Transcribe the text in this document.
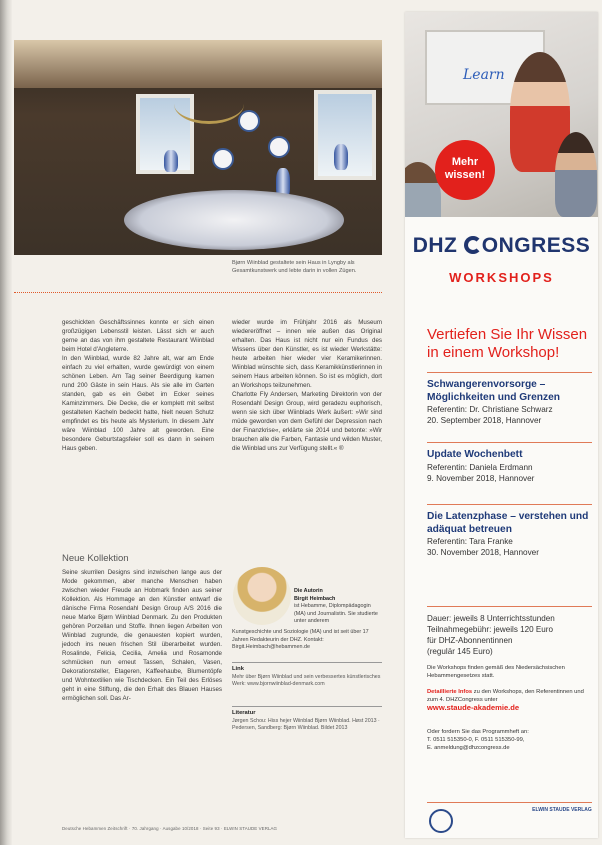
Bjørn Wiinblad gestaltete sein Haus in Lyngby als Gesamtkunstwerk und lebte darin in vollen Zügen.
geschickten Geschäftssinnes konnte er sich einen großzügigen Lebensstil leisten. Lässt sich er auch gerne an das von ihm gestaltete Restaurant Wiinblad beim Hotel d'Angleterre.
In den Wiinblad, wurde 82 Jahre alt, war am Ende einfach zu viel erhalten, wurde gewürdigt von einem schönen Leben. Am Tag seiner Beerdigung kamen rund 200 Gäste in sein Haus. Als sie alle im Garten standen, gab es ein Gebet im Ecker seines Kaminzimmers. Die Decke, die er komplett mit selbst gestalteten Kacheln bedeckt hatte, hielt neuen Schutz empfindet es bis heute als Mysterium. In diesem Jahr wäre Wiinblad 100 Jahre alt geworden. Eine besondere Geburtstagsfeier soll es dann in seinem Haus geben.
wieder wurde im Frühjahr 2016 als Museum wiedereröffnet – innen wie außen das Original erhalten. Das Haus ist nicht nur ein Fundus des Wissens über den Künstler, es ist wieder Werkstätte: heute arbeiten hier wieder vier Keramikerinnen. Wiinblad wünschte sich, dass Keramikkünstlerinnen in seinem Haus arbeiten können. So ist es möglich, dort an Workshops teilzunehmen.
Charlotte Fly Andersen, Marketing Direktorin von der Rosendahl Design Group, wird geradezu euphorisch, wenn sie sich über Wiinblads Werk äußert: »Wir sind müde geworden von dem Gefühl der Depression nach der Finanzkrise«, erklärte sie 2014 und betonte: »Wir brauchen alle die Farben, Fantasie und wilden Muster, die Wiinblad uns zur Verfügung stellt.« ®
Neue Kollektion
Seine skurrilen Designs sind inzwischen lange aus der Mode gekommen, aber manche Menschen haben zwischen wieder Freude an Hobmark finden aus seiner Kollektion. Als Hommage an den Künstler entwarf die dänische Firma Rosendahl Design Group A/S 2016 die neue Marke Bjørn Wiinblad Denmark. Zu den Produkten gehören Porzellan und Stoffe. Ihnen liegen Arbeiten von Wiinblad zugrunde, die genauesten kopiert wurden, jedoch ins neuen frischen Stil überarbeitet wurden. Rosalinde, Felicia, Cecilia, Amelia und Rosamonde schmücken nun erneut Tassen, Schalen, Vasen, Dekorationsteller, Etageren, Kaffeehaube, Blumentöpfe und Wohntextilien wie Tischdecken. Ein Teil des Erlöses geht in eine Stiftung, die den Erhalt des Blauen Hauses ermöglichen soll. Das Ar-
Die Autorin
Birgit Heimbach
ist Hebamme, Diplompädagogin (MA) und Journalistin. Sie studierte unter anderem
Kunstgeschichte und Soziologie (MA) und ist seit über 17 Jahren Redakteurin der DHZ. Kontakt: Birgit.Heimbach@hebammen.de
Link
Mehr über Bjørn Wiinblad und sein verbessertes künstlerisches Werk: www.bjornwiinblad-denmark.com
Literatur
Jørgen Schou: Hiss hejer Wiinblad Bjørn Wiinblad. Høst 2013 · Pedersen, Sandberg: Bjørn Wiinblad. Bildet 2013
Deutsche Hebammen Zeitschrift · 70. Jahrgang · Ausgabe 10/2018 · Seite 93 · ELWIN STAUDE VERLAG
Learn
Mehr
wissen!
DHZ ONGRESS
WORKSHOPS
Vertiefen Sie Ihr Wissen in einem Workshop!
Schwangerenvorsorge – Möglichkeiten und Grenzen
Referentin: Dr. Christiane Schwarz
20. September 2018, Hannover
Update Wochenbett
Referentin: Daniela Erdmann
9. November 2018, Hannover
Die Latenzphase – verstehen und adäquat betreuen
Referentin: Tara Franke
30. November 2018, Hannover
Dauer: jeweils 8 Unterrichtsstunden
Teilnahmegebühr: jeweils 120 Euro
für DHZ-Abonnentinnen
(regulär 145 Euro)
Die Workshops finden gemäß des Niedersächsischen Hebammengesetzes statt.
Detaillierte Infos zu den Workshops, den Referentinnen und zum 4. DHZCongress unter
www.staude-akademie.de
Oder fordern Sie das Programmheft an:
T. 0511 515350-0, F. 0511 515350-99,
E. anmeldung@dhzcongress.de
ELWIN STAUDE VERLAG
